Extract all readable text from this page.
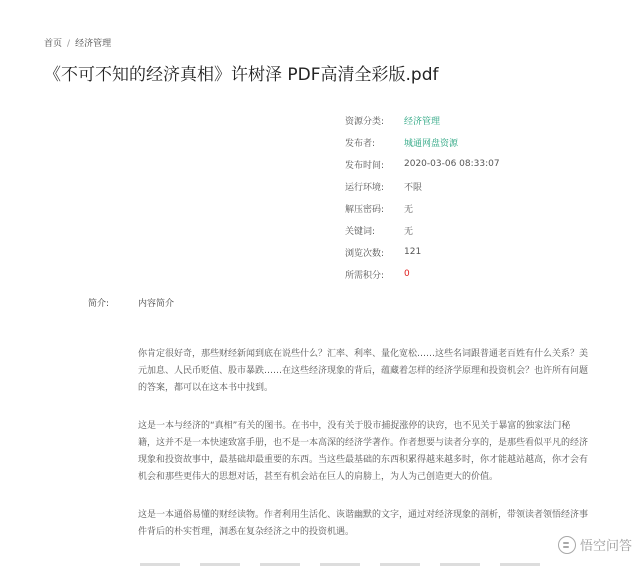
首页 / 经济管理
《不可不知的经济真相》许树泽 PDF高清全彩版.pdf
资源分类:	经济管理
发布者:	城通网盘资源
发布时间:	2020-03-06 08:33:07
运行环境:	不限
解压密码:	无
关键词:	无
浏览次数:	121
所需积分:	0
简介:	内容简介

你肯定很好奇，那些财经新闻到底在说些什么？汇率、利率、量化宽松……这些名词跟普通老百姓有什么关系？美元加息、人民币贬值、股市暴跌……在这些经济现象的背后，蕴藏着怎样的经济学原理和投资机会？也许所有问题的答案，都可以在这本书中找到。

这是一本与经济的“真相”有关的图书。在书中，没有关于股市捕捉涨停的诀窍，也不见关于暴富的独家法门秘籍，这并不是一本快速致富手册，也不是一本高深的经济学著作。作者想要与读者分享的，是那些看似平凡的经济现象和投资故事中，最基础却最重要的东西。当这些最基础的东西积累得越来越多时，你才能越站越高，你才会有机会和那些更伟大的思想对话，甚至有机会站在巨人的肩膀上，为人为己创造更大的价值。

这是一本通俗易懂的财经读物。作者利用生活化、诙谐幽默的文字，通过对经济现象的剖析，带领读者领悟经济事件背后的朴实哲理，洞悉在复杂经济之中的投资机遇。

悟空问答
